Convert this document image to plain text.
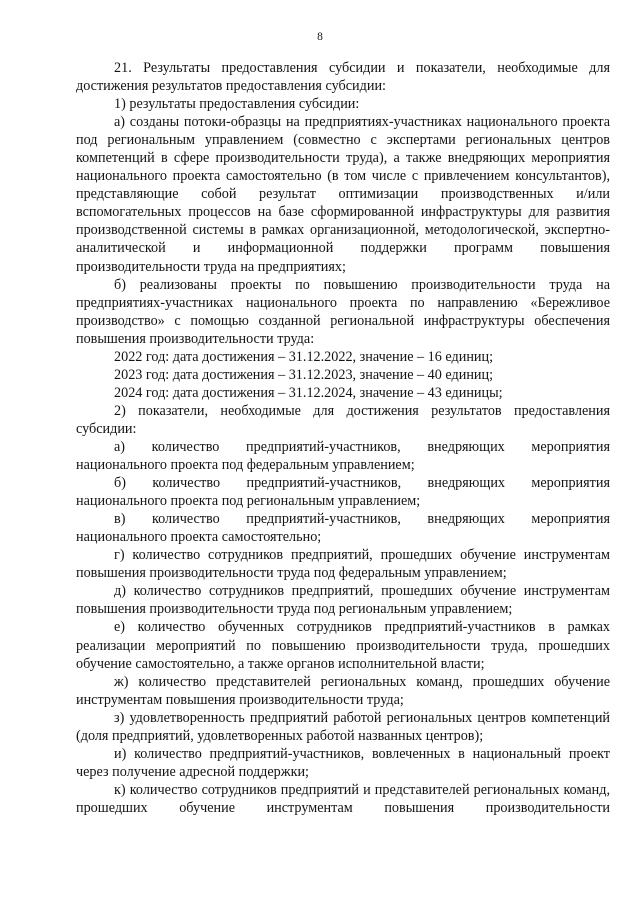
8

21. Результаты предоставления субсидии и показатели, необходимые для достижения результатов предоставления субсидии:

1) результаты предоставления субсидии:

а) созданы потоки-образцы на предприятиях-участниках национального проекта под региональным управлением (совместно с экспертами региональных центров компетенций в сфере производительности труда), а также внедряющих мероприятия национального проекта самостоятельно (в том числе с привлечением консультантов), представляющие собой результат оптимизации производственных и/или вспомогательных процессов на базе сформированной инфраструктуры для развития производственной системы в рамках организационной, методологической, экспертно-аналитической и информационной поддержки программ повышения производительности труда на предприятиях;

б) реализованы проекты по повышению производительности труда на предприятиях-участниках национального проекта по направлению «Бережливое производство» с помощью созданной региональной инфраструктуры обеспечения повышения производительности труда:

2022 год: дата достижения – 31.12.2022, значение – 16 единиц;

2023 год: дата достижения – 31.12.2023, значение – 40 единиц;

2024 год: дата достижения – 31.12.2024, значение – 43 единицы;

2) показатели, необходимые для достижения результатов предоставления субсидии:

а) количество предприятий-участников, внедряющих мероприятия национального проекта под федеральным управлением;

б) количество предприятий-участников, внедряющих мероприятия национального проекта под региональным управлением;

в) количество предприятий-участников, внедряющих мероприятия национального проекта самостоятельно;

г) количество сотрудников предприятий, прошедших обучение инструментам повышения производительности труда под федеральным управлением;

д) количество сотрудников предприятий, прошедших обучение инструментам повышения производительности труда под региональным управлением;

е) количество обученных сотрудников предприятий-участников в рамках реализации мероприятий по повышению производительности труда, прошедших обучение самостоятельно, а также органов исполнительной власти;

ж) количество представителей региональных команд, прошедших обучение инструментам повышения производительности труда;

з) удовлетворенность предприятий работой региональных центров компетенций (доля предприятий, удовлетворенных работой названных центров);

и) количество предприятий-участников, вовлеченных в национальный проект через получение адресной поддержки;

к) количество сотрудников предприятий и представителей региональных команд, прошедших обучение инструментам повышения производительности
